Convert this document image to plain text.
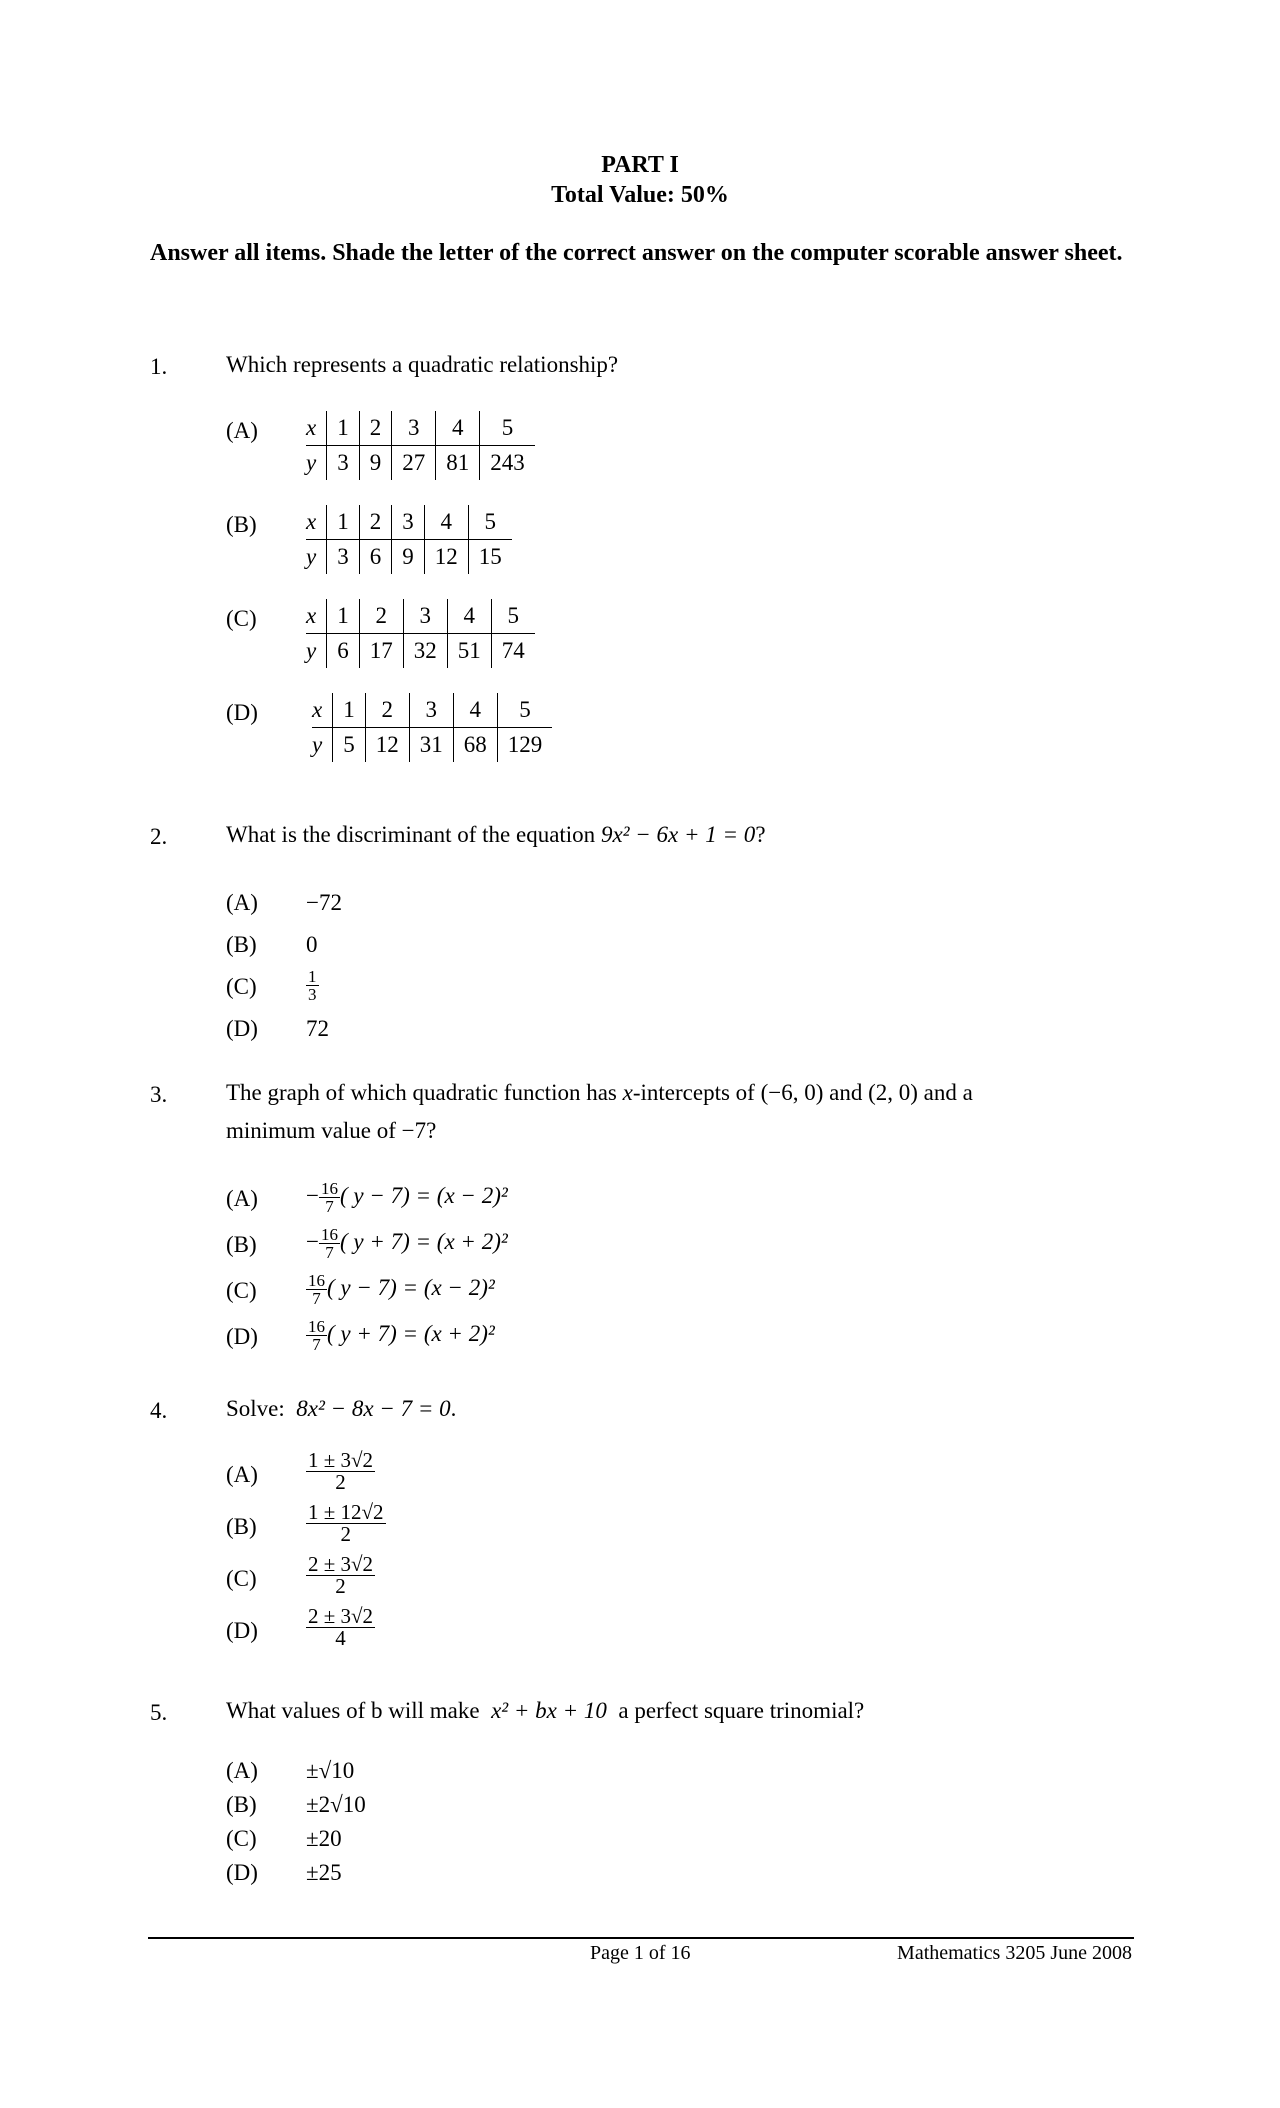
PART I
Total Value: 50%
Answer all items. Shade the letter of the correct answer on the computer scorable answer sheet.
1.	Which represents a quadratic relationship?
(A) x	1	2	3	4	5
y	3	9	27	81	243
(B) x	1	2	3	4	5
y	3	6	9	12	15
(C) x	1	2	3	4	5
y	6	17	32	51	74
(D) x	1	2	3	4	5
y	5	12	31	68	129
2.	What is the discriminant of the equation 9x² − 6x + 1 = 0?
(A) −72
(B) 0
(C)	$\frac{1}{3}$
(D) 72
3.	The graph of which quadratic function has x-intercepts of (−6, 0) and (2, 0) and a
minimum value of −7?
$(A) - \frac{16}{7}$ ( y − 7) = (x − 2)²
$(B) - \frac{16}{7}$ ( y + 7) = (x + 2)²
(C)	$\frac{16}{7}$ ( y − 7) = (x − 2)²
(D)	$\frac{16}{7}$ ( y + 7) = (x + 2)²
4.	Solve: 8x² − 8x − 7 = 0.
$(A) \frac{1 \pm 3√2}{2}$
$(B) \frac{1 \pm 12√2}{2}$
$(C) \frac{2 \pm 3√2}{2}$
$(D) \frac{2 \pm 3√2}{4}$
5.	What values of b will make x² + bx + 10 a perfect square trinomial?
(A) ±√10
(B) ±2√10
(C) ±20
(D) ±25
Page 1 of 16	Mathematics 3205 June 2008
